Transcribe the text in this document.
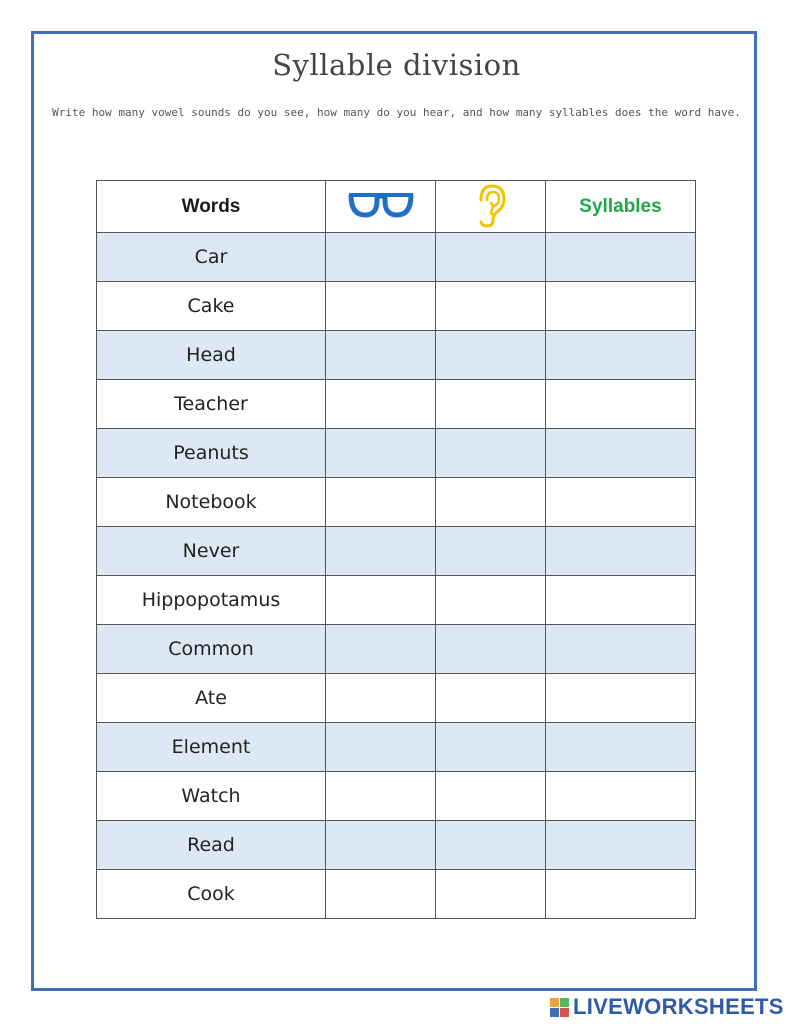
Syllable division
Write how many vowel sounds do you see, how many do you hear, and how many syllables does the word have.
Words			Syllables
Car			
Cake			
Head			
Teacher			
Peanuts			
Notebook			
Never			
Hippopotamus			
Common			
Ate			
Element			
Watch			
Read			
Cook			
LIVEWORKSHEETS
